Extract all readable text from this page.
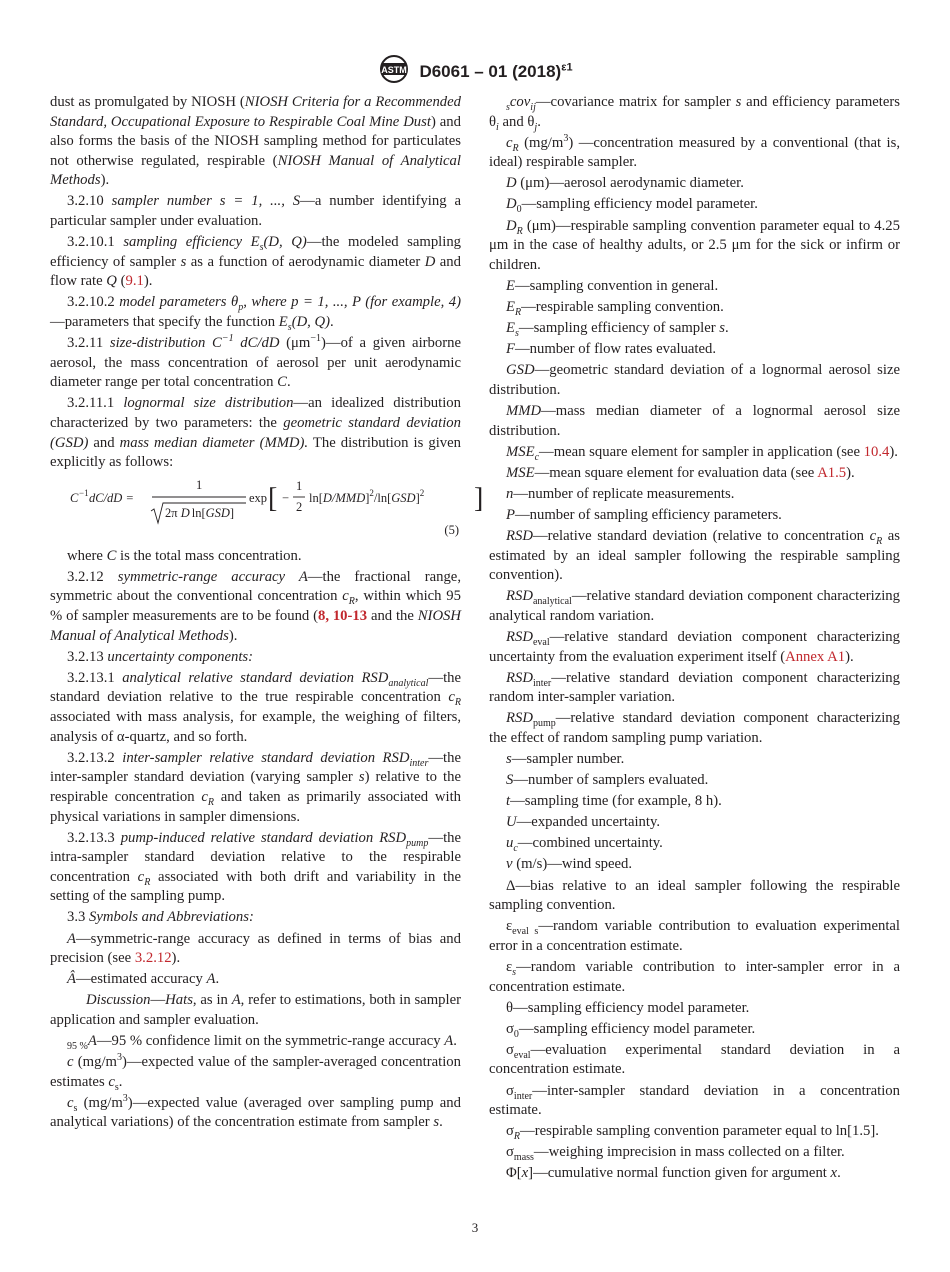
ASTM D6061 – 01 $(2018)^{\varepsilon 1}$

dust as promulgated by NIOSH (NIOSH Criteria for a Recommended Standard, Occupational Exposure to Respirable Coal Mine Dust) and also forms the basis of the NIOSH sampling method for particulates not otherwise regulated, respirable (NIOSH Manual of Analytical Methods).

3.2.10 sampler number s = 1, ..., S—a number identifying a particular sampler under evaluation.

3.2.10.1 sampling efficiency $E_s(D$, Q)—the modeled sampling efficiency of sampler s as a function of aerodynamic diameter D and flow rate Q (9.1).

3.2.10.2 model parameters $\theta_p$, where p = 1, ..., P (for example, 4)—parameters that specify the function $E_s(D$, Q).

3.2.11 size-distribution $C^{-1}$ dC/dD $(\mu m^{-1})—of$ a given airborne aerosol, the mass concentration of aerosol per unit aerodynamic diameter range per total concentration C.

3.2.11.1 lognormal size distribution—an idealized distribution characterized by two parameters: the geometric standard deviation (GSD) and mass median diameter (MMD). The distribution is given explicitly as follows:

C −1 dC/dD =
1
2π D ln[GSD]
exp [ −
1
2
$\ln[D/MMD]^2/\ln[GSD]^2$ ]
(5)

where C is the total mass concentration.

3.2.12 symmetric-range accuracy A—the fractional range, symmetric about the conventional concentration $c_R$, within which 95 % of sampler measurements are to be found (8, 10-13 and the NIOSH Manual of Analytical Methods).

3.2.13 uncertainty components:

3.2.13.1 analytical relative standard deviation $RSD_{analytical}—the$ standard deviation relative to the true respirable concentration $c_R$ associated with mass analysis, for example, the weighing of filters, analysis of α-quartz, and so forth.

3.2.13.2 inter-sampler relative standard deviation $RSD_{inter}—the$ inter-sampler standard deviation (varying sampler s) relative to the respirable concentration $c_R$ and taken as primarily associated with physical variations in sampler dimensions.

3.2.13.3 pump-induced relative standard deviation $RSD_{pump}—the$ intra-sampler standard deviation relative to the respirable concentration $c_R$ associated with both drift and variability in the setting of the sampling pump.

3.3 Symbols and Abbreviations:

A—symmetric-range accuracy as defined in terms of bias and precision (see 3.2.12).

Â—estimated accuracy A.

Discussion—Hats, as in A, refer to estimations, both in sampler application and sampler evaluation.

$_{95 \%}$A—95 % confidence limit on the symmetric-range accuracy A.

c $(mg/m^3)—expected$ value of the sampler-averaged concentration estimates $c_s$.

$c_s$ $(mg/m^3)—expected$ value (averaged over sampling pump and analytical variations) of the concentration estimate from sampler s.

$_s$cov$_{ij}$—covariance matrix for sampler s and efficiency parameters $\theta_i$ and $\theta_j$.

$c_R$ $(mg/m^3)$ —concentration measured by a conventional (that is, ideal) respirable sampler.

D (μm)—aerosol aerodynamic diameter.

$D_0—sampling$ efficiency model parameter.

$D_R$ (μm)—respirable sampling convention parameter equal to 4.25 μm in the case of healthy adults, or 2.5 μm for the sick or infirm or children.

E—sampling convention in general.

$E_R—respirable$ sampling convention.

$E_s—sampling$ efficiency of sampler s.

F—number of flow rates evaluated.

GSD—geometric standard deviation of a lognormal aerosol size distribution.

MMD—mass median diameter of a lognormal aerosol size distribution.

$MSE_c—mean$ square element for sampler in application (see 10.4).

MSE—mean square element for evaluation data (see A1.5).

n—number of replicate measurements.

P—number of sampling efficiency parameters.

RSD—relative standard deviation (relative to concentration $c_R$ as estimated by an ideal sampler following the respirable sampling convention).

$RSD_{analytical}—relative$ standard deviation component characterizing analytical random variation.

$RSD_{eval}—relative$ standard deviation component characterizing uncertainty from the evaluation experiment itself (Annex A1).

$RSD_{inter}—relative$ standard deviation component characterizing random inter-sampler variation.

$RSD_{pump}—relative$ standard deviation component characterizing the effect of random sampling pump variation.

s—sampler number.

S—number of samplers evaluated.

t—sampling time (for example, 8 h).

U—expanded uncertainty.

$u_c—combined$ uncertainty.

v (m/s)—wind speed.

Δ—bias relative to an ideal sampler following the respirable sampling convention.

$\varepsilon_{eval s}—random$ variable contribution to evaluation experimental error in a concentration estimate.

$\varepsilon_s—random$ variable contribution to inter-sampler error in a concentration estimate.

θ—sampling efficiency model parameter.

$\sigma_0—sampling$ efficiency model parameter.

$\sigma_{eval}—evaluation$ experimental standard deviation in a concentration estimate.

$\sigma_{inter}—inter$-sampler standard deviation in a concentration estimate.

$\sigma_R—respirable$ sampling convention parameter equal to ln[1.5].

$\sigma_{mass}—weighing$ imprecision in mass collected on a filter.

Φ[x]—cumulative normal function given for argument x.

3
